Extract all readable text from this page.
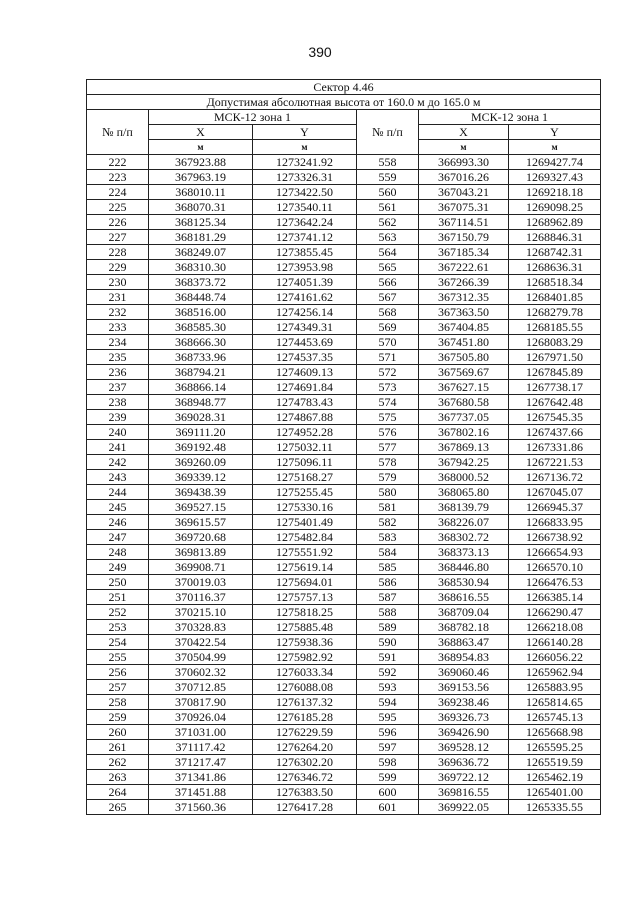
390
Сектор 4.46					
Допустимая абсолютная высота от 160.0 м до 165.0 м					
№ п/п	МСК-12 зона 1		№ п/п	МСК-12 зона 1	
	X	Y		X	Y
	м	м		м	м
222	367923.88	1273241.92	558	366993.30	1269427.74
223	367963.19	1273326.31	559	367016.26	1269327.43
224	368010.11	1273422.50	560	367043.21	1269218.18
225	368070.31	1273540.11	561	367075.31	1269098.25
226	368125.34	1273642.24	562	367114.51	1268962.89
227	368181.29	1273741.12	563	367150.79	1268846.31
228	368249.07	1273855.45	564	367185.34	1268742.31
229	368310.30	1273953.98	565	367222.61	1268636.31
230	368373.72	1274051.39	566	367266.39	1268518.34
231	368448.74	1274161.62	567	367312.35	1268401.85
232	368516.00	1274256.14	568	367363.50	1268279.78
233	368585.30	1274349.31	569	367404.85	1268185.55
234	368666.30	1274453.69	570	367451.80	1268083.29
235	368733.96	1274537.35	571	367505.80	1267971.50
236	368794.21	1274609.13	572	367569.67	1267845.89
237	368866.14	1274691.84	573	367627.15	1267738.17
238	368948.77	1274783.43	574	367680.58	1267642.48
239	369028.31	1274867.88	575	367737.05	1267545.35
240	369111.20	1274952.28	576	367802.16	1267437.66
241	369192.48	1275032.11	577	367869.13	1267331.86
242	369260.09	1275096.11	578	367942.25	1267221.53
243	369339.12	1275168.27	579	368000.52	1267136.72
244	369438.39	1275255.45	580	368065.80	1267045.07
245	369527.15	1275330.16	581	368139.79	1266945.37
246	369615.57	1275401.49	582	368226.07	1266833.95
247	369720.68	1275482.84	583	368302.72	1266738.92
248	369813.89	1275551.92	584	368373.13	1266654.93
249	369908.71	1275619.14	585	368446.80	1266570.10
250	370019.03	1275694.01	586	368530.94	1266476.53
251	370116.37	1275757.13	587	368616.55	1266385.14
252	370215.10	1275818.25	588	368709.04	1266290.47
253	370328.83	1275885.48	589	368782.18	1266218.08
254	370422.54	1275938.36	590	368863.47	1266140.28
255	370504.99	1275982.92	591	368954.83	1266056.22
256	370602.32	1276033.34	592	369060.46	1265962.94
257	370712.85	1276088.08	593	369153.56	1265883.95
258	370817.90	1276137.32	594	369238.46	1265814.65
259	370926.04	1276185.28	595	369326.73	1265745.13
260	371031.00	1276229.59	596	369426.90	1265668.98
261	371117.42	1276264.20	597	369528.12	1265595.25
262	371217.47	1276302.20	598	369636.72	1265519.59
263	371341.86	1276346.72	599	369722.12	1265462.19
264	371451.88	1276383.50	600	369816.55	1265401.00
265	371560.36	1276417.28	601	369922.05	1265335.55
